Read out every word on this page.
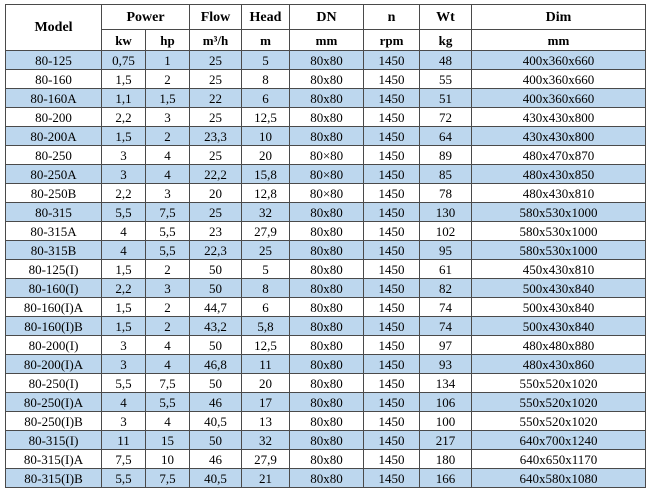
Model	Power		Flow	Head	DN	n	Wt	Dim
	kw	hp	m³/h	m	mm	rpm	kg	mm
80-125	0,75	1	25	5	80x80	1450	48	400x360x660
80-160	1,5	2	25	8	80x80	1450	55	400x360x660
80-160A	1,1	1,5	22	6	80x80	1450	51	400x360x660
80-200	2,2	3	25	12,5	80x80	1450	72	430x430x800
80-200A	1,5	2	23,3	10	80x80	1450	64	430x430x800
80-250	3	4	25	20	80×80	1450	89	480x470x870
80-250A	3	4	22,2	15,8	80×80	1450	85	480x430x850
80-250B	2,2	3	20	12,8	80×80	1450	78	480x430x810
80-315	5,5	7,5	25	32	80x80	1450	130	580x530x1000
80-315A	4	5,5	23	27,9	80x80	1450	102	580x530x1000
80-315B	4	5,5	22,3	25	80x80	1450	95	580x530x1000
80-125(I)	1,5	2	50	5	80x80	1450	61	450x430x810
80-160(I)	2,2	3	50	8	80x80	1450	82	500x430x840
80-160(I)A	1,5	2	44,7	6	80x80	1450	74	500x430x840
80-160(I)B	1,5	2	43,2	5,8	80x80	1450	74	500x430x840
80-200(I)	3	4	50	12,5	80x80	1450	97	480x480x880
80-200(I)A	3	4	46,8	11	80x80	1450	93	480x430x860
80-250(I)	5,5	7,5	50	20	80x80	1450	134	550x520x1020
80-250(I)A	4	5,5	46	17	80x80	1450	106	550x520x1020
80-250(I)B	3	4	40,5	13	80x80	1450	100	550x520x1020
80-315(I)	11	15	50	32	80x80	1450	217	640x700x1240
80-315(I)A	7,5	10	46	27,9	80x80	1450	180	640x650x1170
80-315(I)B	5,5	7,5	40,5	21	80x80	1450	166	640x580x1080
